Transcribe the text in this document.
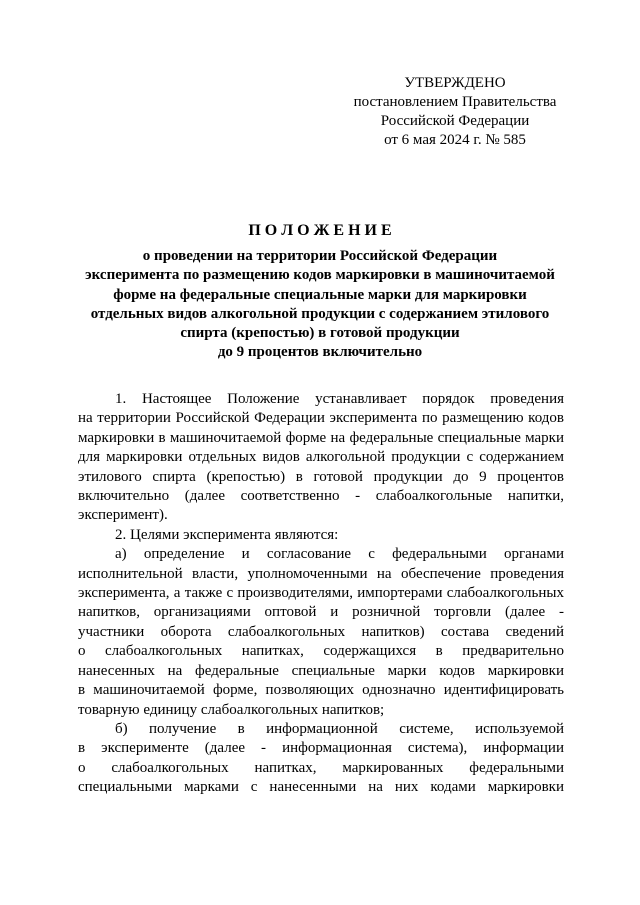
УТВЕРЖДЕНО
постановлением Правительства
Российской Федерации
от 6 мая 2024 г. № 585
П О Л О Ж Е Н И Е
о проведении на территории Российской Федерации
эксперимента по размещению кодов маркировки в машиночитаемой
форме на федеральные специальные марки для маркировки
отдельных видов алкогольной продукции с содержанием этилового
спирта (крепостью) в готовой продукции
до 9 процентов включительно
1. Настоящее Положение устанавливает порядок проведения
на территории Российской Федерации эксперимента по размещению кодов
маркировки в машиночитаемой форме на федеральные специальные марки
для маркировки отдельных видов алкогольной продукции с содержанием
этилового спирта (крепостью) в готовой продукции до 9 процентов
включительно (далее соответственно - слабоалкогольные напитки,
эксперимент).
2. Целями эксперимента являются:
а) определение и согласование с федеральными органами
исполнительной власти, уполномоченными на обеспечение проведения
эксперимента, а также с производителями, импортерами слабоалкогольных
напитков, организациями оптовой и розничной торговли (далее -
участники оборота слабоалкогольных напитков) состава сведений
о слабоалкогольных напитках, содержащихся в предварительно
нанесенных на федеральные специальные марки кодов маркировки
в машиночитаемой форме, позволяющих однозначно идентифицировать
товарную единицу слабоалкогольных напитков;
б) получение в информационной системе, используемой
в эксперименте (далее - информационная система), информации
о слабоалкогольных напитках, маркированных федеральными
специальными марками с нанесенными на них кодами маркировки
